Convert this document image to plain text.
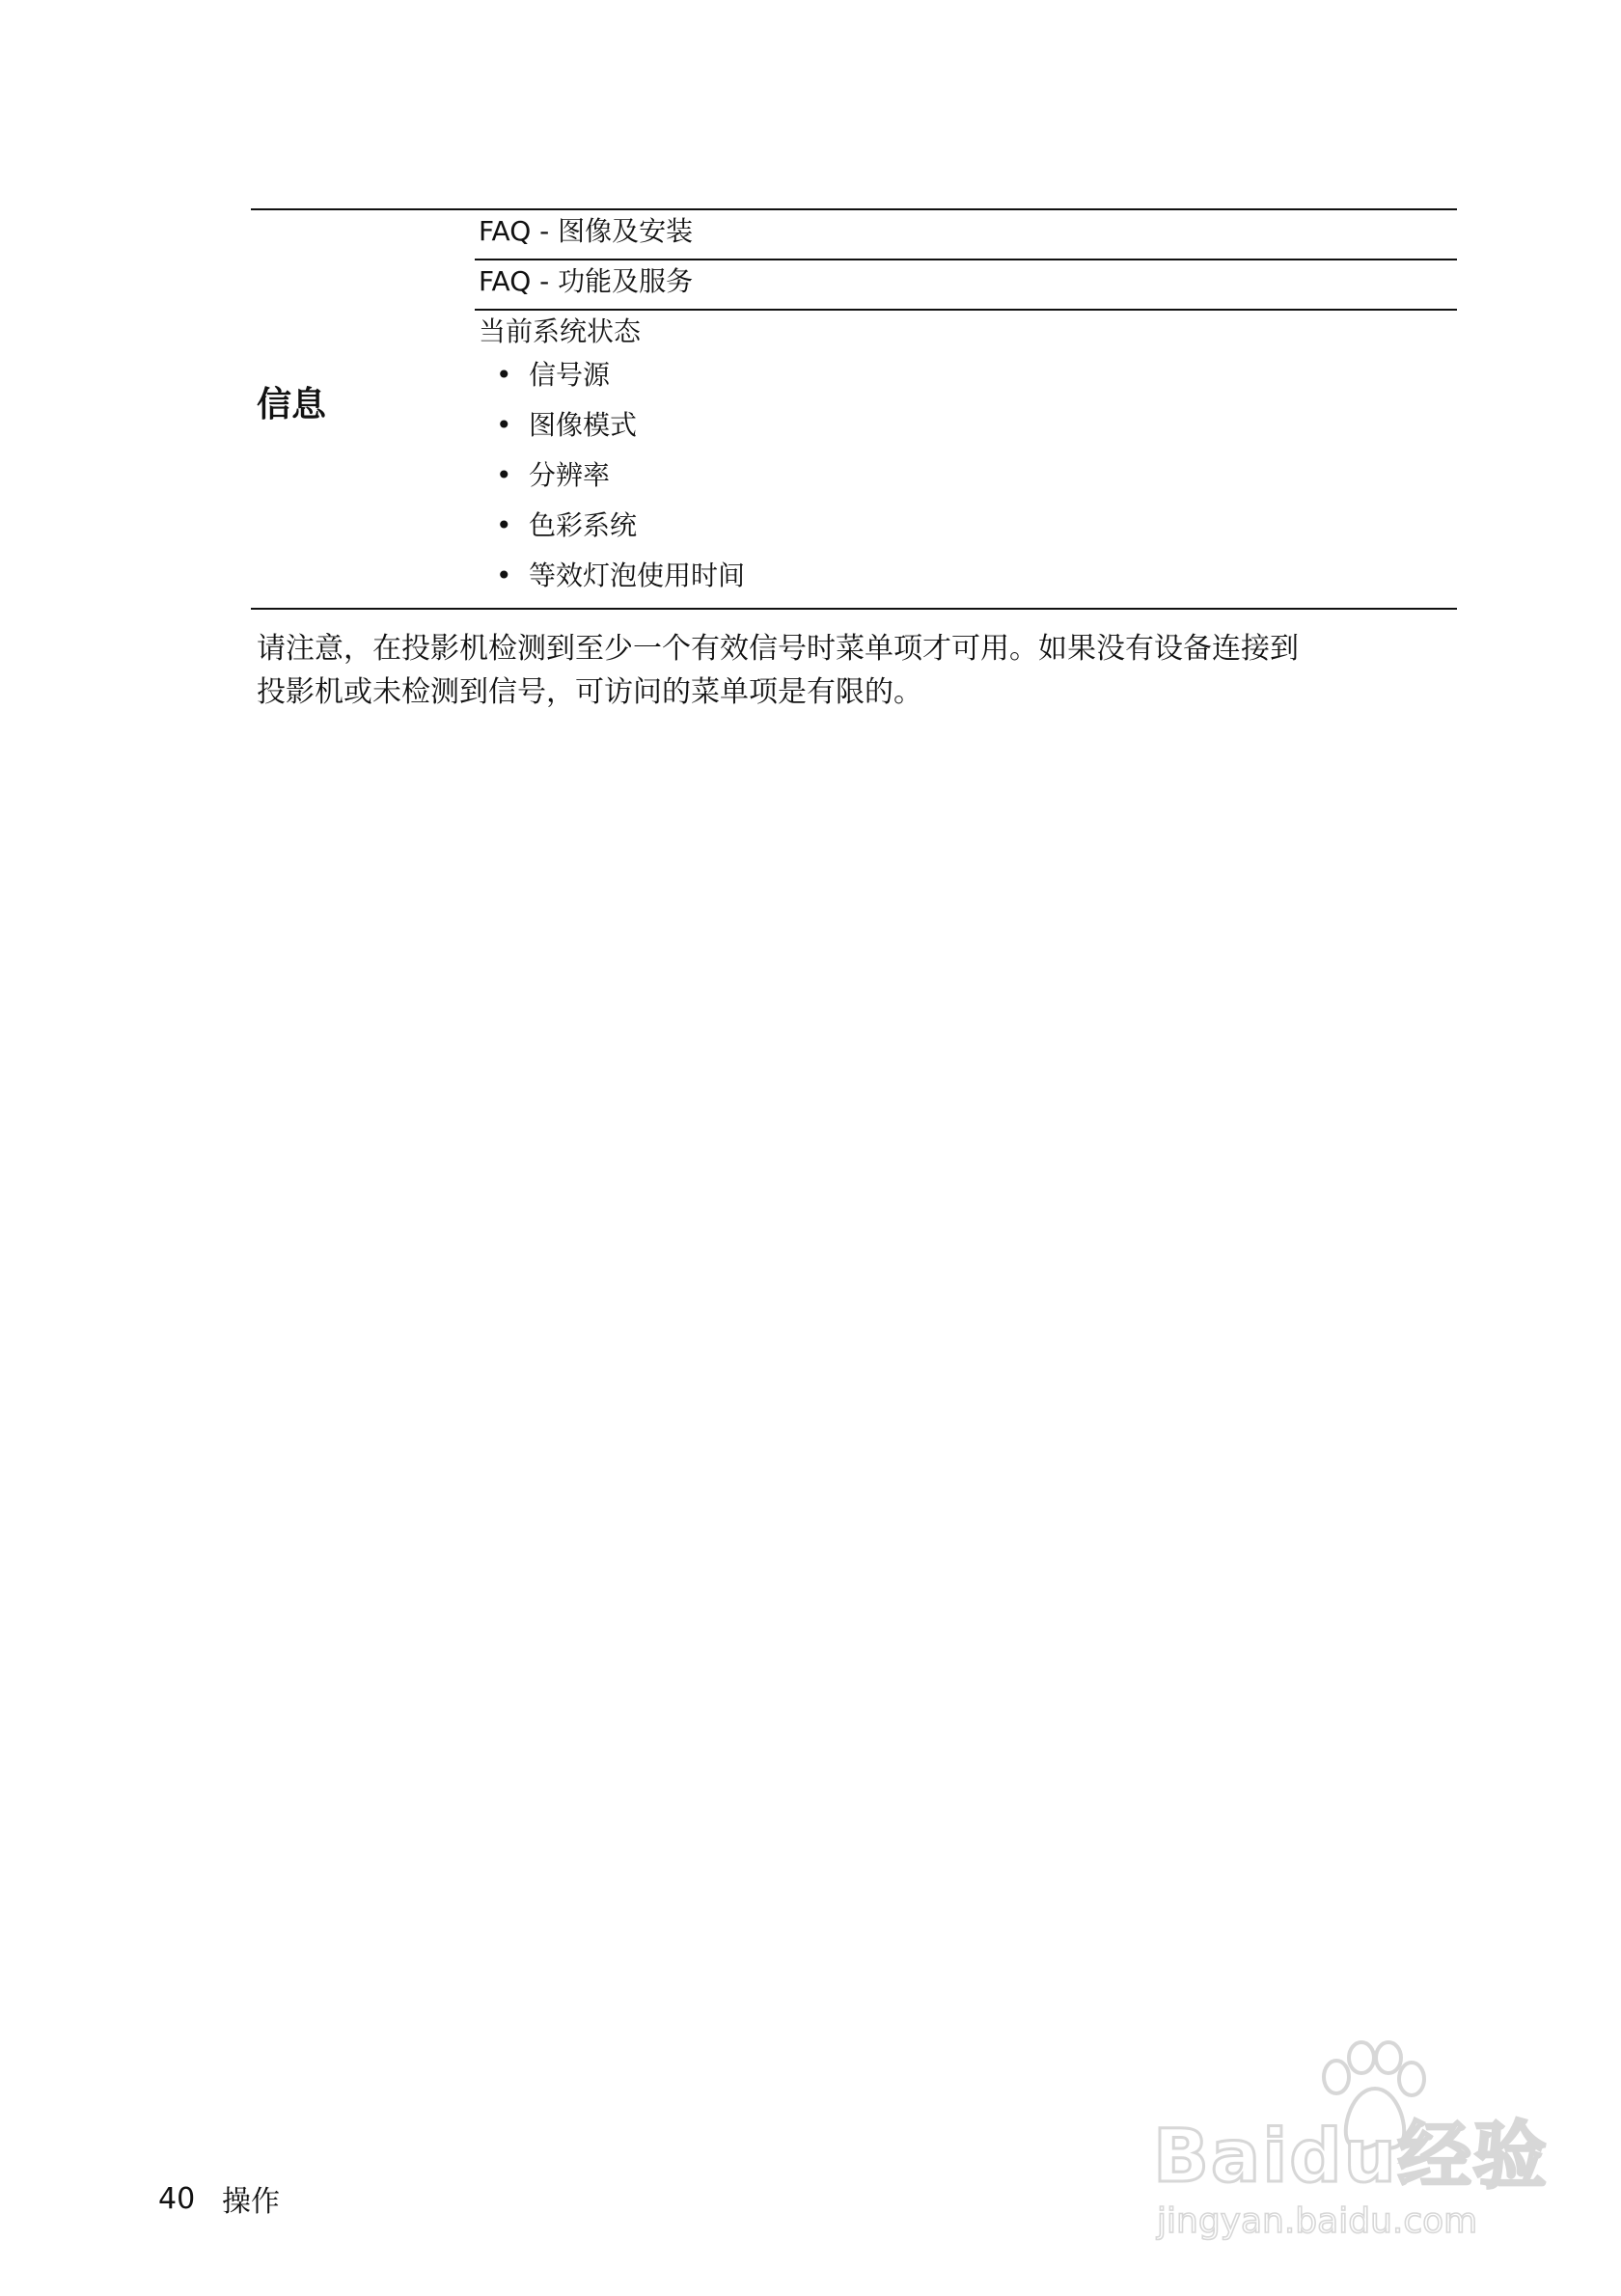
信息
FAQ - 图像及安装
FAQ - 功能及服务
当前系统状态
• 信号源
• 图像模式
• 分辨率
• 色彩系统
• 等效灯泡使用时间

请注意，在投影机检测到至少一个有效信号时菜单项才可用。如果没有设备连接到

投影机或未检测到信号，可访问的菜单项是有限的。

40 操作
Baidu经验
jingyan.baidu.com
